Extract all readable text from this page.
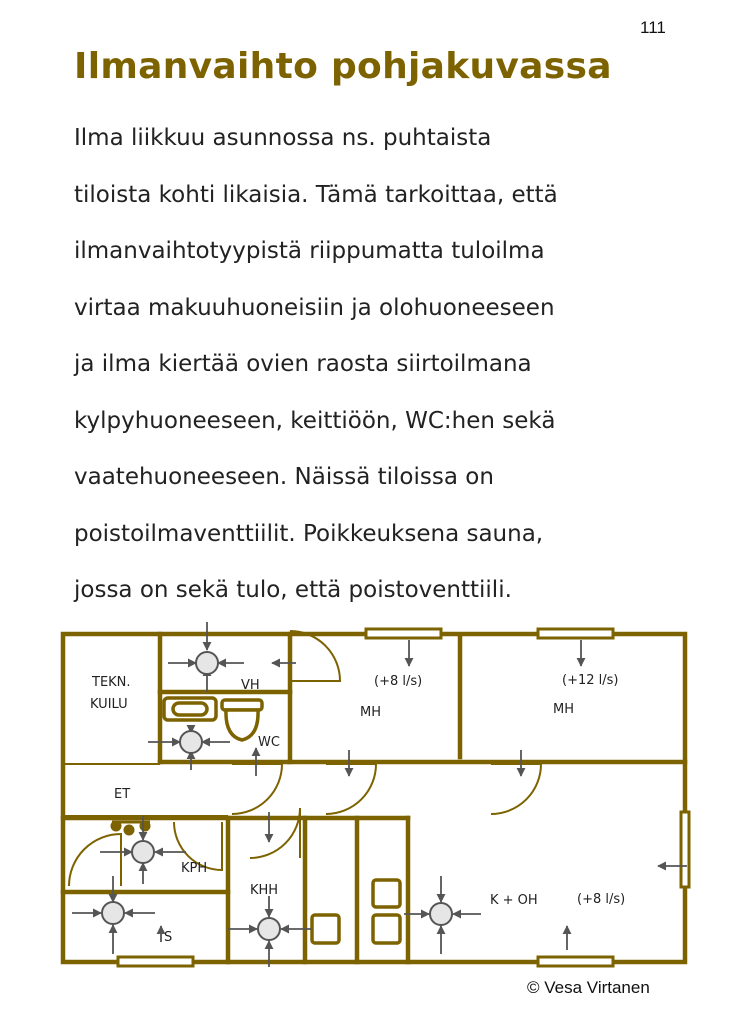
111
Ilmanvaihto pohjakuvassa
Ilma liikkuu asunnossa ns. puhtaista
tiloista kohti likaisia. Tämä tarkoittaa, että
ilmanvaihtotyypistä riippumatta tuloilma
virtaa makuuhuoneisiin ja olohuoneeseen
ja ilma kiertää ovien raosta siirtoilmana
kylpyhuoneeseen, keittiöön, WC:hen sekä
vaatehuoneeseen. Näissä tiloissa on
poistoilmaventtiilit. Poikkeuksena sauna,
jossa on sekä tulo, että poistoventtiili.
TEKN.
KUILU
VH
WC
MH	MH
ET
KPH
S
KHH
K + OH
(+8 l/s)	(+12 l/s)
(+8 l/s)
© Vesa Virtanen
